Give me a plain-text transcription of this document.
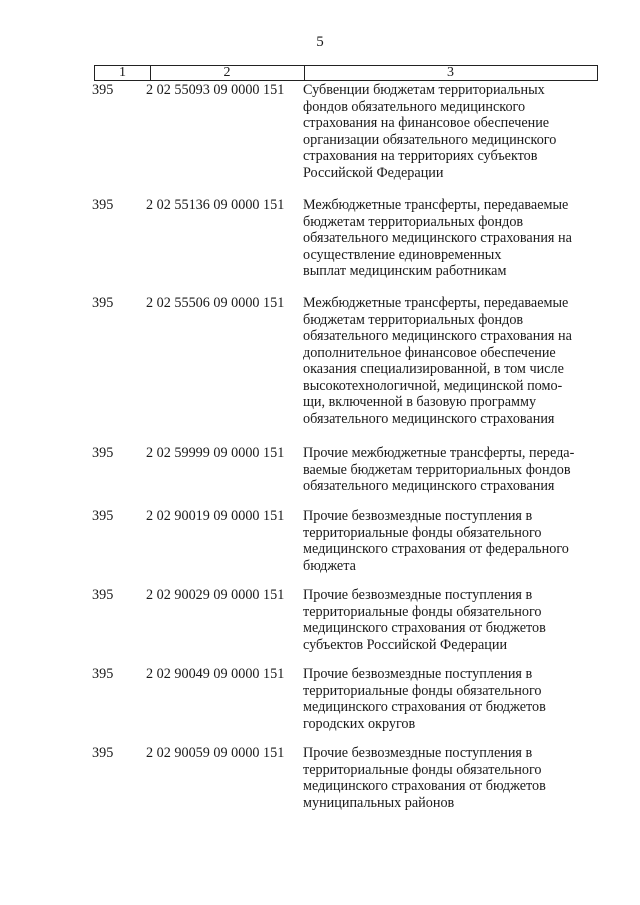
5
1	2	3
395	2 02 55093 09 0000 151	Субвенции бюджетам территориальных
фондов обязательного медицинского
страхования на финансовое обеспечение
организации обязательного медицинского
страхования на территориях субъектов
Российской Федерации
395	2 02 55136 09 0000 151	Межбюджетные трансферты, передаваемые
бюджетам территориальных фондов
обязательного медицинского страхования на
осуществление единовременных
выплат медицинским работникам
395	2 02 55506 09 0000 151	Межбюджетные трансферты, передаваемые
бюджетам территориальных фондов
обязательного медицинского страхования на
дополнительное финансовое обеспечение
оказания специализированной, в том числе
высокотехнологичной, медицинской помо-
щи, включенной в базовую программу
обязательного медицинского страхования
395	2 02 59999 09 0000 151	Прочие межбюджетные трансферты, переда-
ваемые бюджетам территориальных фондов
обязательного медицинского страхования
395	2 02 90019 09 0000 151	Прочие безвозмездные поступления в
территориальные фонды обязательного
медицинского страхования от федерального
бюджета
395	2 02 90029 09 0000 151	Прочие безвозмездные поступления в
территориальные фонды обязательного
медицинского страхования от бюджетов
субъектов Российской Федерации
395	2 02 90049 09 0000 151	Прочие безвозмездные поступления в
территориальные фонды обязательного
медицинского страхования от бюджетов
городских округов
395	2 02 90059 09 0000 151	Прочие безвозмездные поступления в
территориальные фонды обязательного
медицинского страхования от бюджетов
муниципальных районов
